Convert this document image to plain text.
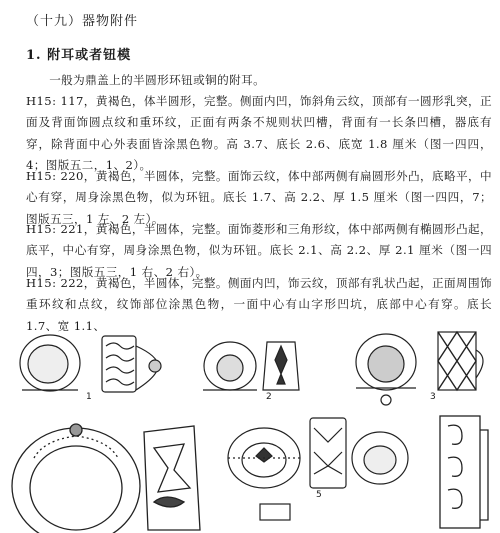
（十九）器物附件
1. 附耳或者钮模

一般为鼎盖上的半圆形环钮或铜的附耳。

H15: 117，黄褐色，体半圆形，完整。侧面内凹，饰斜角云纹，顶部有一圆形乳突，正面及背面饰圆点纹和重环纹，正面有两条不规则状凹槽，背面有一长条凹槽，器底有穿，除背面中心外表面皆涂黑色物。高 3.7、底长 2.6、底宽 1.8 厘米（图一四四，4；图版五二，1、2）。

H15: 220，黄褐色，半圆体，完整。面饰云纹，体中部两侧有扁圆形外凸，底略平，中心有穿，周身涂黑色物，似为环钮。底长 1.7、高 2.2、厚 1.5 厘米（图一四四，7；图版五三，1 左、2 左）。

H15: 221，黄褐色，半圆体，完整。面饰菱形和三角形纹，体中部两侧有椭圆形凸起，底平，中心有穿，周身涂黑色物，似为环钮。底长 2.1、高 2.2、厚 2.1 厘米（图一四四，3；图版五三，1 右、2 右）。

H15: 222，黄褐色，半圆体，完整。侧面内凹，饰云纹，顶部有乳状凸起，正面周围饰重环纹和点纹，纹饰部位涂黑色物，一面中心有山字形凹坑，底部中心有穿。底长 1.7、宽 1.1、

1	2	3
5
